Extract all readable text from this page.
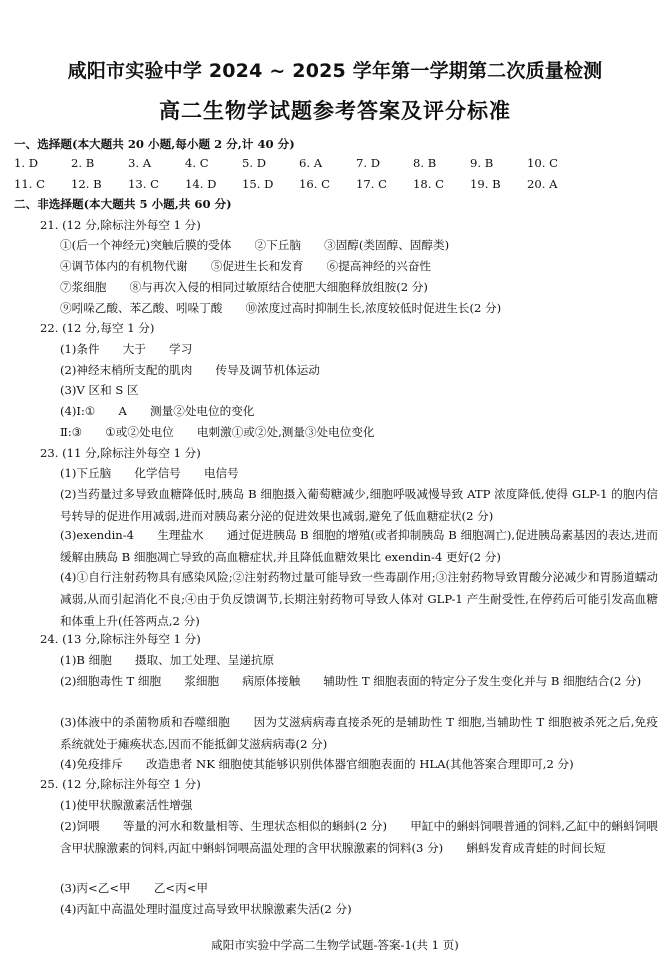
咸阳市实验中学 2024 ~ 2025 学年第一学期第二次质量检测
高二生物学试题参考答案及评分标准
一、选择题(本大题共 20 小题,每小题 2 分,计 40 分)
1. D	2. B	3. A	4. C	5. D	6. A	7. D	8. B	9. B	10. C
11. C 12. B 13. C 14. D 15. D 16. C 17. C 18. C 19. B 20. A
二、非选择题(本大题共 5 小题,共 60 分)
21. (12 分,除标注外每空 1 分)
①(后一个神经元)突触后膜的受体　　②下丘脑　　③固醇(类固醇、固醇类)
④调节体内的有机物代谢　　⑤促进生长和发育　　⑥提高神经的兴奋性
⑦浆细胞　　⑧与再次入侵的相同过敏原结合使肥大细胞释放组胺(2 分)
⑨吲哚乙酸、苯乙酸、吲哚丁酸　　⑩浓度过高时抑制生长,浓度较低时促进生长(2 分)
22. (12 分,每空 1 分)
(1)条件　　大于　　学习
(2)神经末梢所支配的肌肉　　传导及调节机体运动
(3)V 区和 S 区
(4)Ⅰ:①　　A　　测量②处电位的变化
Ⅱ:③　　①或②处电位　　电刺激①或②处,测量③处电位变化
23. (11 分,除标注外每空 1 分)
(1)下丘脑　　化学信号　　电信号
(2)当药量过多导致血糖降低时,胰岛 B 细胞摄入葡萄糖减少,细胞呼吸减慢导致 ATP 浓度降低,使得 GLP-1 的胞内信号转导的促进作用减弱,进而对胰岛素分泌的促进效果也减弱,避免了低血糖症状(2 分)
(3)exendin-4　　生理盐水　　通过促进胰岛 B 细胞的增殖(或者抑制胰岛 B 细胞凋亡),促进胰岛素基因的表达,进而缓解由胰岛 B 细胞凋亡导致的高血糖症状,并且降低血糖效果比 exendin-4 更好(2 分)
(4)①自行注射药物具有感染风险;②注射药物过量可能导致一些毒副作用;③注射药物导致胃酸分泌减少和胃肠道蠕动减弱,从而引起消化不良;④由于负反馈调节,长期注射药物可导致人体对 GLP-1 产生耐受性,在停药后可能引发高血糖和体重上升(任答两点,2 分)
24. (13 分,除标注外每空 1 分)
(1)B 细胞　　摄取、加工处理、呈递抗原
(2)细胞毒性 T 细胞　　浆细胞　　病原体接触　　辅助性 T 细胞表面的特定分子发生变化并与 B 细胞结合(2 分)
(3)体液中的杀菌物质和吞噬细胞　　因为艾滋病病毒直接杀死的是辅助性 T 细胞,当辅助性 T 细胞被杀死之后,免疫系统就处于瘫痪状态,因而不能抵御艾滋病病毒(2 分)
(4)免疫排斥　　改造患者 NK 细胞使其能够识别供体器官细胞表面的 HLA(其他答案合理即可,2 分)
25. (12 分,除标注外每空 1 分)
(1)使甲状腺激素活性增强
(2)饲喂　　等量的河水和数量相等、生理状态相似的蝌蚪(2 分)　　甲缸中的蝌蚪饲喂普通的饲料,乙缸中的蝌蚪饲喂含甲状腺激素的饲料,丙缸中蝌蚪饲喂高温处理的含甲状腺激素的饲料(3 分)　　蝌蚪发育成青蛙的时间长短
(3)丙<乙<甲　　乙<丙<甲
(4)丙缸中高温处理时温度过高导致甲状腺激素失活(2 分)
咸阳市实验中学高二生物学试题-答案-1(共 1 页)
